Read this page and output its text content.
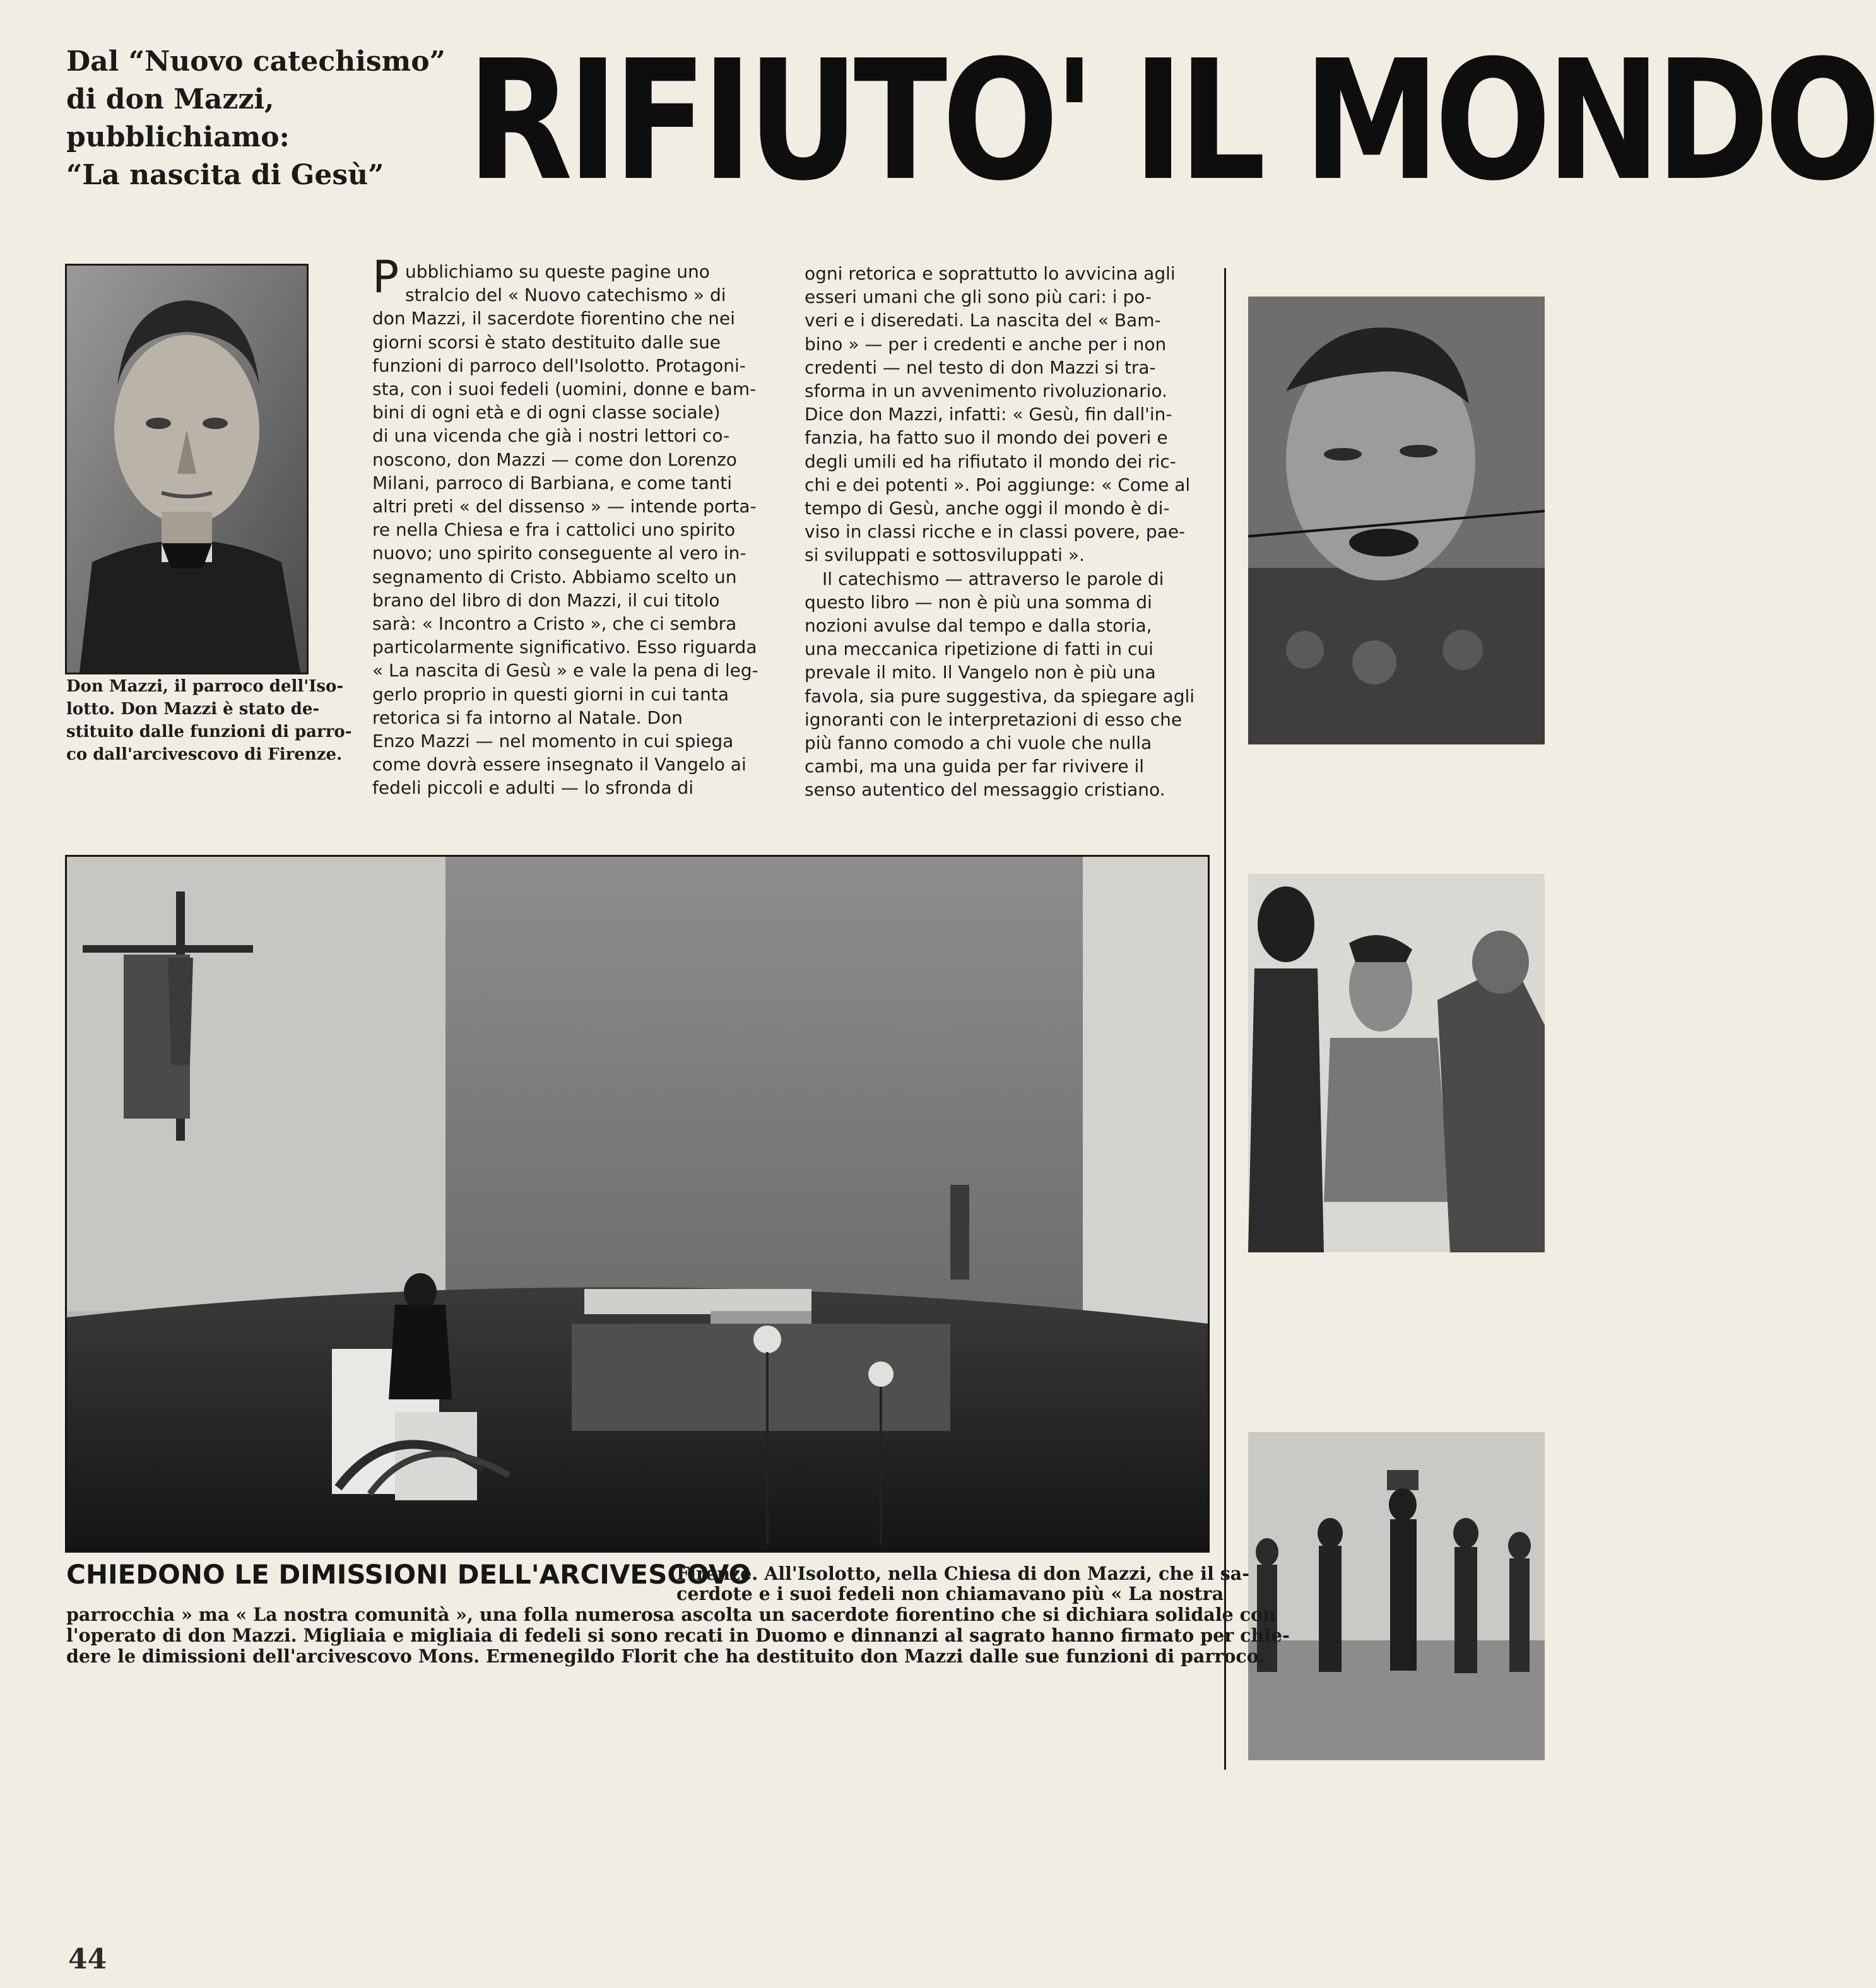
Dal “Nuovo catechismo”
di don Mazzi,
pubblichiamo:
“La nascita di Gesù” RIFIUTO' IL MONDO
Don Mazzi, il parroco dell'Iso-
lotto. Don Mazzi è stato de-
stituito dalle funzioni di parro-
co dall'arcivescovo di Firenze.
P ubblichiamo su queste pagine uno
stralcio del « Nuovo catechismo » di
don Mazzi, il sacerdote fiorentino che nei
giorni scorsi è stato destituito dalle sue
funzioni di parroco dell'Isolotto. Protagoni-
sta, con i suoi fedeli (uomini, donne e bam-
bini di ogni età e di ogni classe sociale)
di una vicenda che già i nostri lettori co-
noscono, don Mazzi — come don Lorenzo
Milani, parroco di Barbiana, e come tanti
altri preti « del dissenso » — intende porta-
re nella Chiesa e fra i cattolici uno spirito
nuovo; uno spirito conseguente al vero in-
segnamento di Cristo. Abbiamo scelto un
brano del libro di don Mazzi, il cui titolo
sarà: « Incontro a Cristo », che ci sembra
particolarmente significativo. Esso riguarda
« La nascita di Gesù » e vale la pena di leg-
gerlo proprio in questi giorni in cui tanta
retorica si fa intorno al Natale. Don
Enzo Mazzi — nel momento in cui spiega
come dovrà essere insegnato il Vangelo ai
fedeli piccoli e adulti — lo sfronda di
ogni retorica e soprattutto lo avvicina agli
esseri umani che gli sono più cari: i po-
veri e i diseredati. La nascita del « Bam-
bino » — per i credenti e anche per i non
credenti — nel testo di don Mazzi si tra-
sforma in un avvenimento rivoluzionario.
Dice don Mazzi, infatti: « Gesù, fin dall'in-
fanzia, ha fatto suo il mondo dei poveri e
degli umili ed ha rifiutato il mondo dei ric-
chi e dei potenti ». Poi aggiunge: « Come al
tempo di Gesù, anche oggi il mondo è di-
viso in classi ricche e in classi povere, pae-
si sviluppati e sottosviluppati ».
Il catechismo — attraverso le parole di
questo libro — non è più una somma di
nozioni avulse dal tempo e dalla storia,
una meccanica ripetizione di fatti in cui
prevale il mito. Il Vangelo non è più una
favola, sia pure suggestiva, da spiegare agli
ignoranti con le interpretazioni di esso che
più fanno comodo a chi vuole che nulla
cambi, ma una guida per far rivivere il
senso autentico del messaggio cristiano.
CHIEDONO LE DIMISSIONI DELL'ARCIVESCOVO
Firenze. All'Isolotto, nella Chiesa di don Mazzi, che il sa-
cerdote e i suoi fedeli non chiamavano più « La nostra
parrocchia » ma « La nostra comunità », una folla numerosa ascolta un sacerdote fiorentino che si dichiara solidale con
l'operato di don Mazzi. Migliaia e migliaia di fedeli si sono recati in Duomo e dinnanzi al sagrato hanno firmato per chie-
dere le dimissioni dell'arcivescovo Mons. Ermenegildo Florit che ha destituito don Mazzi dalle sue funzioni di parroco.
44
